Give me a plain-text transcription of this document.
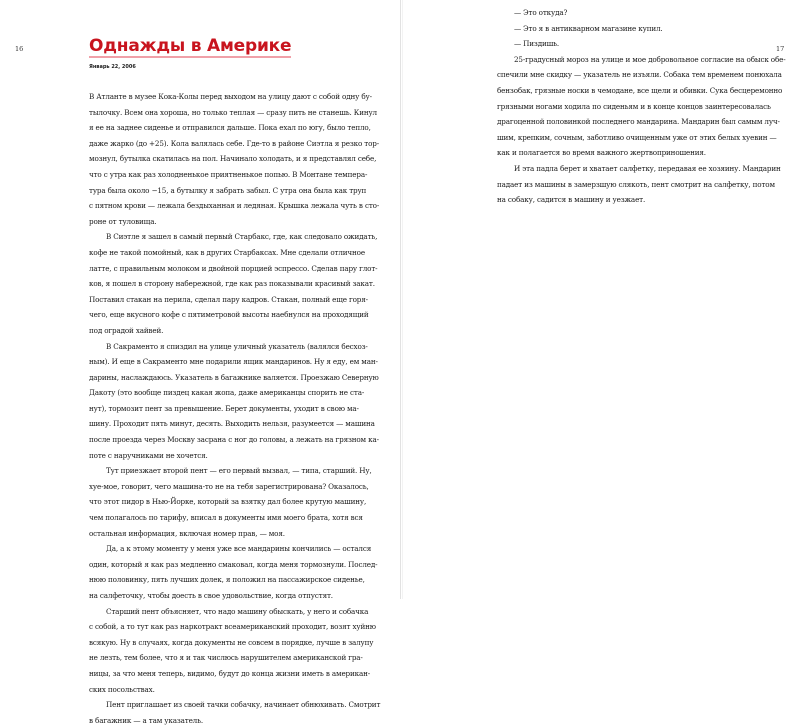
16	17
Однажды в Америке
Январь 22, 2006
В Атланте в музее Кока-Колы перед выходом на улицу дают с собой одну бу-
тылочку. Всем она хороша, но только теплая — сразу пить не станешь. Кинул
я ее на заднее сиденье и отправился дальше. Пока ехал по югу, было тепло,
даже жарко (до +25). Кола валялась себе. Где-то в районе Сиэтла я резко тор-
мознул, бутылка скатилась на пол. Начинало холодать, и я представлял себе,
что с утра как раз холодненькое приятненькое попью. В Монтане темпера-
тура была около −15, а бутылку я забрать забыл. С утра она была как труп
с пятном крови — лежала бездыханная и ледяная. Крышка лежала чуть в сто-
роне от туловища.
В Сиэтле я зашел в самый первый Старбакс, где, как следовало ожидать,
кофе не такой помойный, как в других Старбаксах. Мне сделали отличное
латте, с правильным молоком и двойной порцией эспрессо. Сделав пару глот-
ков, я пошел в сторону набережной, где как раз показывали красивый закат.
Поставил стакан на перила, сделал пару кадров. Стакан, полный еще горя-
чего, еще вкусного кофе с пятиметровой высоты наебнулся на проходящий
под оградой хайвей.
В Сакраменто я спиздил на улице уличный указатель (валялся бесхоз-
ным). И еще в Сакраменто мне подарили ящик мандаринов. Ну я еду, ем ман-
дарины, наслаждаюсь. Указатель в багажнике валяется. Проезжаю Северную
Дакоту (это вообще пиздец какая жопа, даже американцы спорить не ста-
нут), тормозит пент за превышение. Берет документы, уходит в свою ма-
шину. Проходит пять минут, десять. Выходить нельзя, разумеется — машина
после проезда через Москву засрана с ног до головы, а лежать на грязном ка-
поте с наручниками не хочется.
Тут приезжает второй пент — его первый вызвал, — типа, старший. Ну,
хуе-мое, говорит, чего машина-то не на тебя зарегистрирована? Оказалось,
что этот пидор в Нью-Йорке, который за взятку дал более крутую машину,
чем полагалось по тарифу, вписал в документы имя моего брата, хотя вся
остальная информация, включая номер прав, — моя.
Да, а к этому моменту у меня уже все мандарины кончились — остался
один, который я как раз медленно смаковал, когда меня тормознули. Послед-
нюю половинку, пять лучших долек, я положил на пассажирское сиденье,
на салфеточку, чтобы доесть в свое удовольствие, когда отпустят.
Старший пент объясняет, что надо машину обыскать, у него и собачка
с собой, а то тут как раз наркотракт всеамериканский проходит, возят хуйню
всякую. Ну в случаях, когда документы не совсем в порядке, лучше в залупу
не лезть, тем более, что я и так числюсь нарушителем американской гра-
ницы, за что меня теперь, видимо, будут до конца жизни иметь в американ-
ских посольствах.
Пент приглашает из своей тачки собачку, начинает обнюхивать. Смотрит
в багажник — а там указатель.
— Это откуда?
— Это я в антикварном магазине купил.
— Пиздишь.
25-градусный мороз на улице и мое добровольное согласие на обыск обе-
спечили мне скидку — указатель не изъяли. Собака тем временем понюхала
бензобак, грязные носки в чемодане, все щели и обивки. Сука бесцеремонно
грязными ногами ходила по сиденьям и в конце концов заинтересовалась
драгоценной половинкой последнего мандарина. Мандарин был самым луч-
шим, крепким, сочным, заботливо очищенным уже от этих белых хуевин —
как и полагается во время важного жертвоприношения.
И эта падла берет и хватает салфетку, передавая ее хозяину. Мандарин
падает из машины в замерзшую слякоть, пент смотрит на салфетку, потом
на собаку, садится в машину и уезжает.
